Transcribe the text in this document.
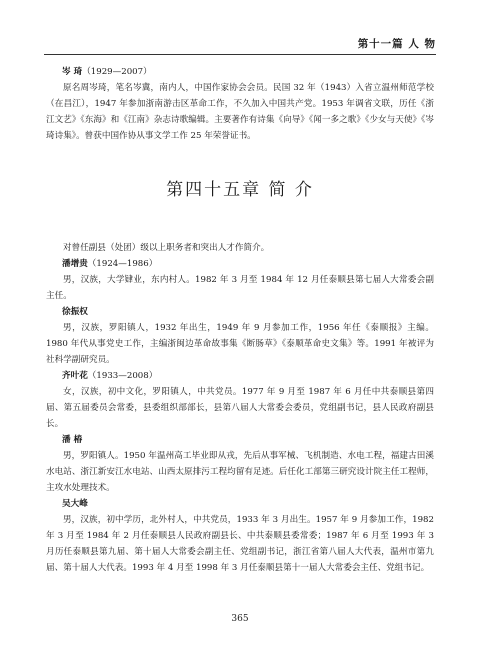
第十一篇 人 物

岑 琦（1929—2007）

原名周岑琦，笔名岑冀，南内人，中国作家协会会员。民国 32 年（1943）入省立温州师范学校（在昌江），1947 年参加浙南游击区革命工作，不久加入中国共产党。1953 年调省文联，历任《浙江文艺》《东海》和《江南》杂志诗歌编辑。主要著作有诗集《向导》《闻一多之歌》《少女与天使》《岑琦诗集》。曾获中国作协从事文学工作 25 年荣誉证书。

第四十五章 简 介

对曾任副县（处团）级以上职务者和突出人才作简介。

潘增贵（1924—1986）

男，汉族，大学肄业，东内村人。1982 年 3 月至 1984 年 12 月任泰顺县第七届人大常委会副主任。

徐振权

男，汉族，罗阳镇人，1932 年出生，1949 年 9 月参加工作，1956 年任《泰顺报》主编。1980 年代从事党史工作，主编浙闽边革命故事集《断肠草》《泰顺革命史文集》等。1991 年被评为社科学副研究员。

齐叶花（1933—2008）

女，汉族，初中文化，罗阳镇人，中共党员。1977 年 9 月至 1987 年 6 月任中共泰顺县第四届、第五届委员会常委，县委组织部部长，县第八届人大常委会委员，党组副书记，县人民政府副县长。

潘 椿

男，罗阳镇人。1950 年温州高工毕业即从戎，先后从事军械、飞机制造、水电工程，福建古田溪水电站、浙江新安江水电站、山西太原排污工程均留有足迹。后任化工部第三研究设计院主任工程师，主攻水处理技术。

吴大峰

男，汉族，初中学历，北外村人，中共党员，1933 年 3 月出生。1957 年 9 月参加工作，1982 年 3 月至 1984 年 2 月任泰顺县人民政府副县长、中共泰顺县委常委；1987 年 6 月至 1993 年 3 月历任泰顺县第九届、第十届人大常委会副主任、党组副书记，浙江省第八届人大代表，温州市第九届、第十届人大代表。1993 年 4 月至 1998 年 3 月任泰顺县第十一届人大常委会主任、党组书记。

365
